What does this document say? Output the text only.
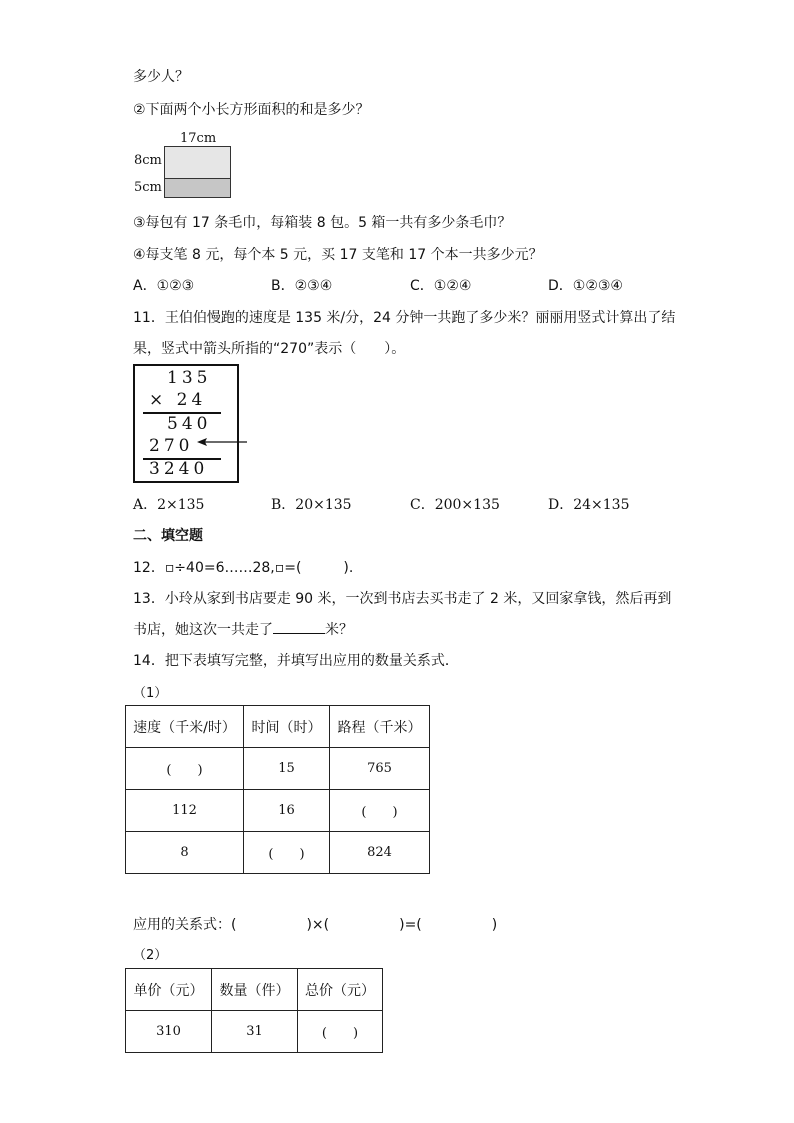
多少人？
②下面两个小长方形面积的和是多少？
17cm
8cm
5cm
③每包有 17 条毛巾，每箱装 8 包。5 箱一共有多少条毛巾？
④每支笔 8 元，每个本 5 元，买 17 支笔和 17 个本一共多少元？
A．①②③	B．②③④	C．①②④	D．①②③④
11．王伯伯慢跑的速度是 135 米/分，24 分钟一共跑了多少米？丽丽用竖式计算出了结
果，竖式中箭头所指的“270”表示（　　）。
135
× 24
540
270
3240
A．2×135	B．20×135	C．200×135	D．24×135
二、填空题
12．▫÷40=6……28,▫=(　　　).
13．小玲从家到书店要走 90 米，一次到书店去买书走了 2 米，又回家拿钱，然后再到
书店，她这次一共走了	米？
14．把下表填写完整，并填写出应用的数量关系式．
（1）
速度（千米/时）	时间（时）	路程（千米）
(　　)	15	765
112	16	(　　)
8	(　　)	824
应用的关系式：(　　　　　)×(　　　　　)=(　　　　　)
（2）
单价（元）	数量（件）	总价（元）
310	31	(　　)
